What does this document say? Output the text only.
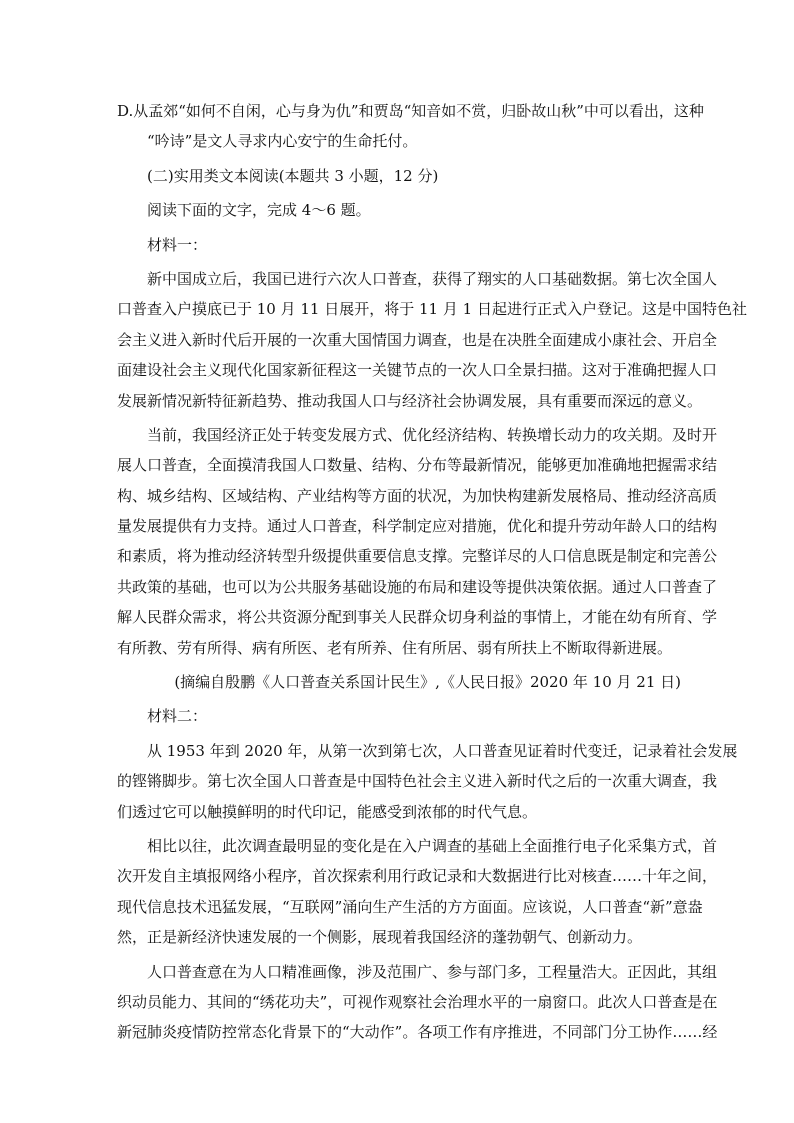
D.从孟郊“如何不自闲，心与身为仇”和贾岛“知音如不赏，归卧故山秋”中可以看出，这种
“吟诗”是文人寻求内心安宁的生命托付。
(二)实用类文本阅读(本题共 3 小题，12 分)
阅读下面的文字，完成 4～6 题。
材料一：
新中国成立后，我国已进行六次人口普查，获得了翔实的人口基础数据。第七次全国人
口普查入户摸底已于 10 月 11 日展开，将于 11 月 1 日起进行正式入户登记。这是中国特色社
会主义进入新时代后开展的一次重大国情国力调查，也是在决胜全面建成小康社会、开启全
面建设社会主义现代化国家新征程这一关键节点的一次人口全景扫描。这对于准确把握人口
发展新情况新特征新趋势、推动我国人口与经济社会协调发展，具有重要而深远的意义。
当前，我国经济正处于转变发展方式、优化经济结构、转换增长动力的攻关期。及时开
展人口普查，全面摸清我国人口数量、结构、分布等最新情况，能够更加准确地把握需求结
构、城乡结构、区域结构、产业结构等方面的状况，为加快构建新发展格局、推动经济高质
量发展提供有力支持。通过人口普查，科学制定应对措施，优化和提升劳动年龄人口的结构
和素质，将为推动经济转型升级提供重要信息支撑。完整详尽的人口信息既是制定和完善公
共政策的基础，也可以为公共服务基础设施的布局和建设等提供决策依据。通过人口普查了
解人民群众需求，将公共资源分配到事关人民群众切身利益的事情上，才能在幼有所育、学
有所教、劳有所得、病有所医、老有所养、住有所居、弱有所扶上不断取得新进展。
(摘编自殷鹏《人口普查关系国计民生》,《人民日报》2020 年 10 月 21 日)
材料二：
从 1953 年到 2020 年，从第一次到第七次，人口普查见证着时代变迁，记录着社会发展
的铿锵脚步。第七次全国人口普查是中国特色社会主义进入新时代之后的一次重大调查，我
们透过它可以触摸鲜明的时代印记，能感受到浓郁的时代气息。
相比以往，此次调查最明显的变化是在入户调查的基础上全面推行电子化采集方式，首
次开发自主填报网络小程序，首次探索利用行政记录和大数据进行比对核查……十年之间，
现代信息技术迅猛发展，“互联网”涌向生产生活的方方面面。应该说，人口普查“新”意盎
然，正是新经济快速发展的一个侧影，展现着我国经济的蓬勃朝气、创新动力。
人口普查意在为人口精准画像，涉及范围广、参与部门多，工程量浩大。正因此，其组
织动员能力、其间的“绣花功夫”，可视作观察社会治理水平的一扇窗口。此次人口普查是在
新冠肺炎疫情防控常态化背景下的“大动作”。各项工作有序推进，不同部门分工协作……经
